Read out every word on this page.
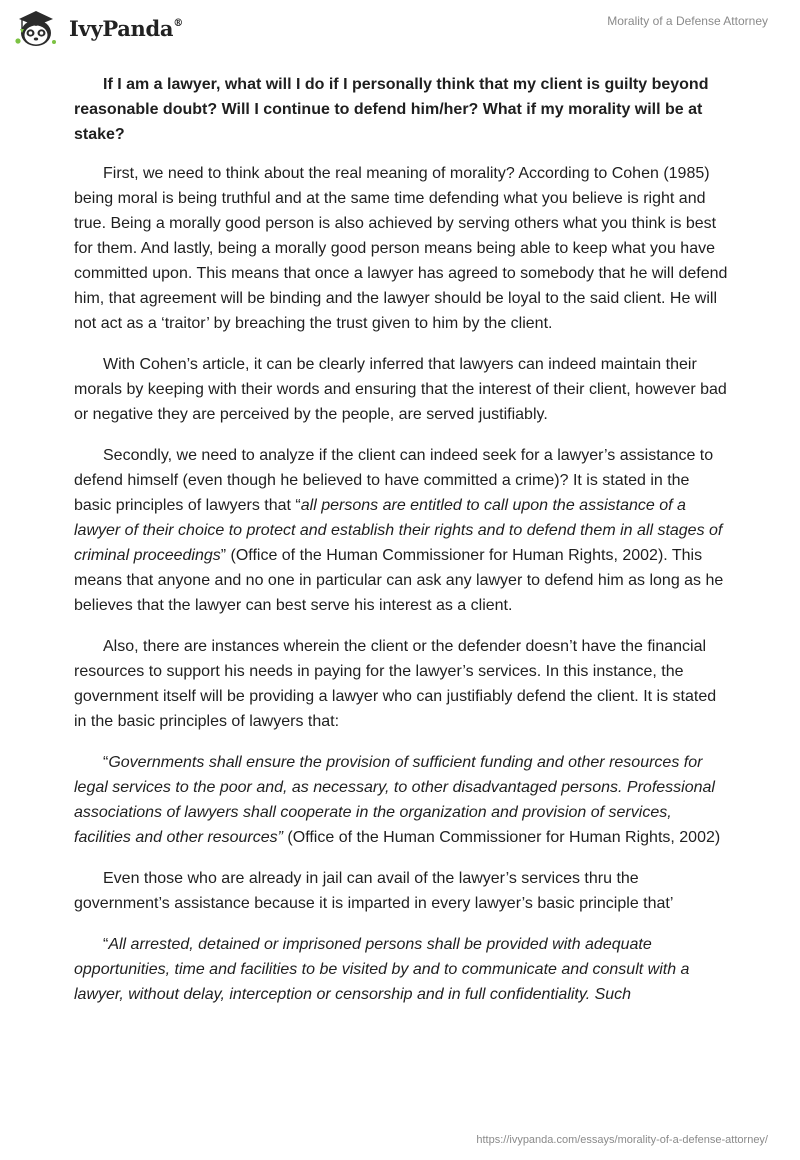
IvyPanda®	Morality of a Defense Attorney

If I am a lawyer, what will I do if I personally think that my client is guilty beyond reasonable doubt? Will I continue to defend him/her? What if my morality will be at stake?

First, we need to think about the real meaning of morality? According to Cohen (1985) being moral is being truthful and at the same time defending what you believe is right and true. Being a morally good person is also achieved by serving others what you think is best for them. And lastly, being a morally good person means being able to keep what you have committed upon. This means that once a lawyer has agreed to somebody that he will defend him, that agreement will be binding and the lawyer should be loyal to the said client. He will not act as a ‘traitor’ by breaching the trust given to him by the client.

With Cohen’s article, it can be clearly inferred that lawyers can indeed maintain their morals by keeping with their words and ensuring that the interest of their client, however bad or negative they are perceived by the people, are served justifiably.

Secondly, we need to analyze if the client can indeed seek for a lawyer’s assistance to defend himself (even though he believed to have committed a crime)? It is stated in the basic principles of lawyers that “all persons are entitled to call upon the assistance of a lawyer of their choice to protect and establish their rights and to defend them in all stages of criminal proceedings” (Office of the Human Commissioner for Human Rights, 2002). This means that anyone and no one in particular can ask any lawyer to defend him as long as he believes that the lawyer can best serve his interest as a client.

Also, there are instances wherein the client or the defender doesn’t have the financial resources to support his needs in paying for the lawyer’s services. In this instance, the government itself will be providing a lawyer who can justifiably defend the client. It is stated in the basic principles of lawyers that:

“Governments shall ensure the provision of sufficient funding and other resources for legal services to the poor and, as necessary, to other disadvantaged persons. Professional associations of lawyers shall cooperate in the organization and provision of services, facilities and other resources” (Office of the Human Commissioner for Human Rights, 2002)

Even those who are already in jail can avail of the lawyer’s services thru the government’s assistance because it is imparted in every lawyer’s basic principle that’

“All arrested, detained or imprisoned persons shall be provided with adequate opportunities, time and facilities to be visited by and to communicate and consult with a lawyer, without delay, interception or censorship and in full confidentiality. Such

https://ivypanda.com/essays/morality-of-a-defense-attorney/
